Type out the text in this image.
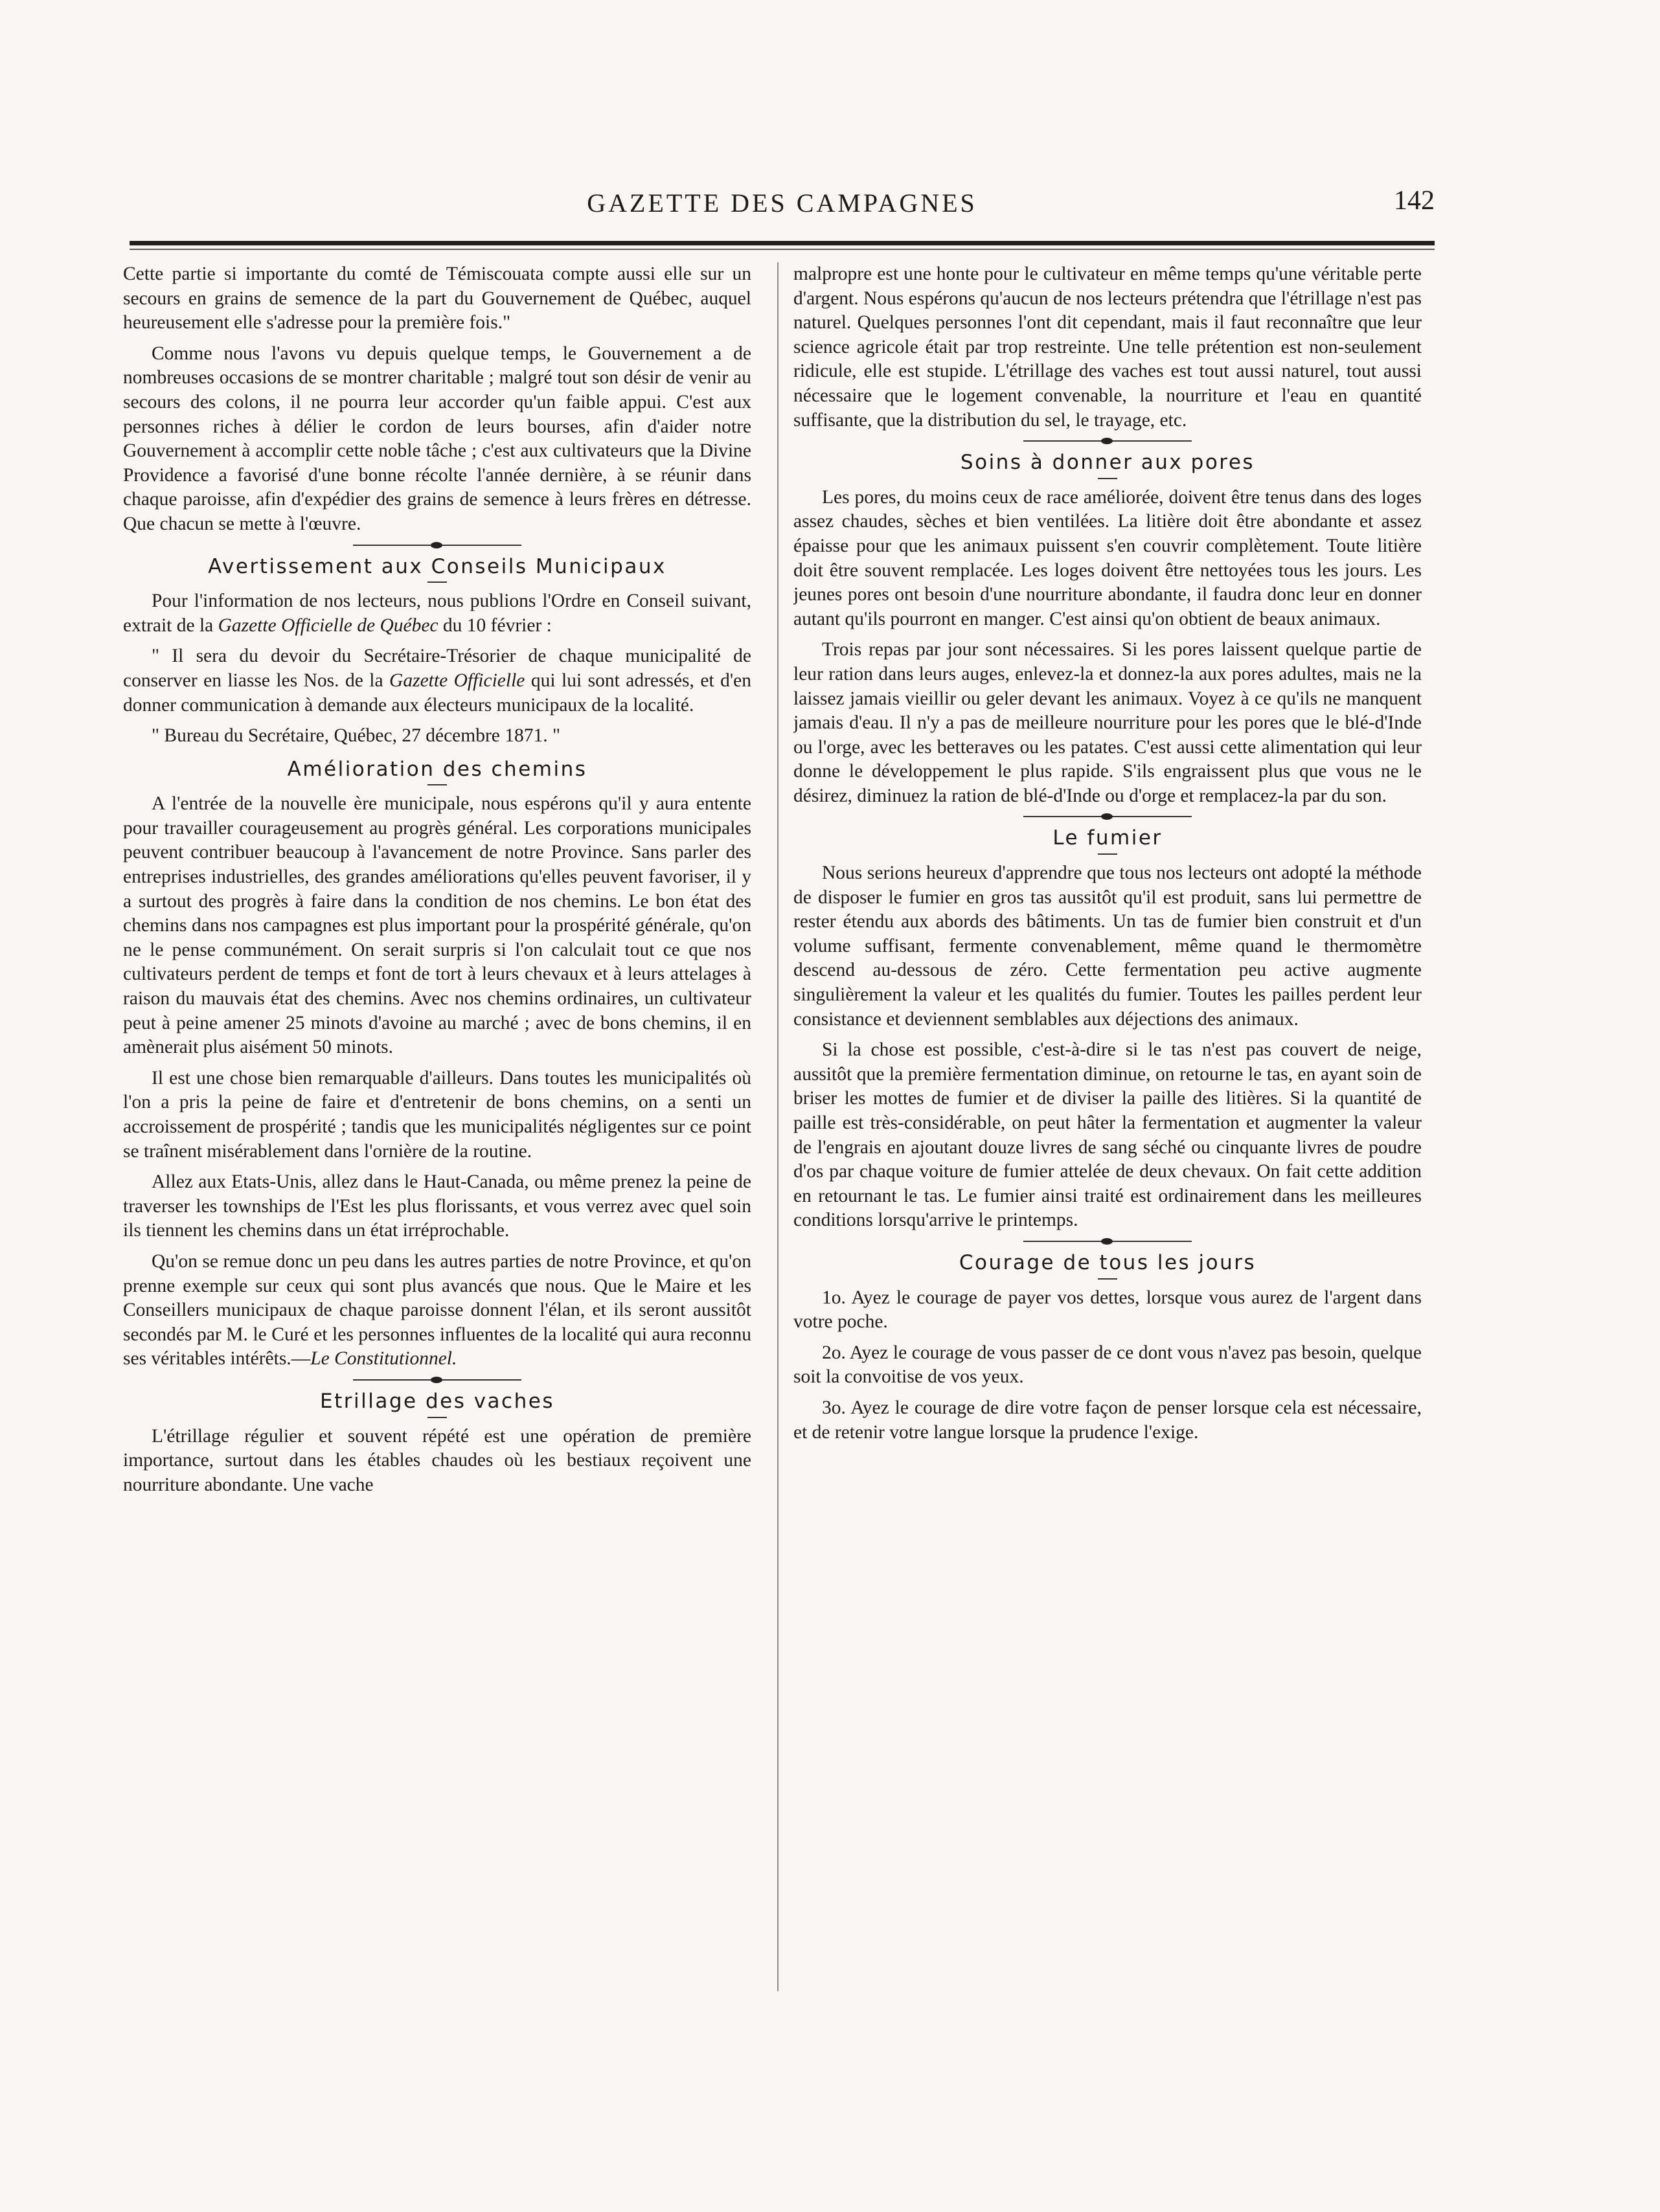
GAZETTE DES CAMPAGNES	142

Cette partie si importante du comté de Témiscouata compte aussi elle sur un secours en grains de semence de la part du Gouvernement de Québec, auquel heureusement elle s'adresse pour la première fois."

Comme nous l'avons vu depuis quelque temps, le Gouvernement a de nombreuses occasions de se montrer charitable ; malgré tout son désir de venir au secours des colons, il ne pourra leur accorder qu'un faible appui. C'est aux personnes riches à délier le cordon de leurs bourses, afin d'aider notre Gouvernement à accomplir cette noble tâche ; c'est aux cultivateurs que la Divine Providence a favorisé d'une bonne récolte l'année dernière, à se réunir dans chaque paroisse, afin d'expédier des grains de semence à leurs frères en détresse. Que chacun se mette à l'œuvre.

Avertissement aux Conseils Municipaux

Pour l'information de nos lecteurs, nous publions l'Ordre en Conseil suivant, extrait de la Gazette Officielle de Québec du 10 février :

" Il sera du devoir du Secrétaire-Trésorier de chaque municipalité de conserver en liasse les Nos. de la Gazette Officielle qui lui sont adressés, et d'en donner communication à demande aux électeurs municipaux de la localité.

" Bureau du Secrétaire, Québec, 27 décembre 1871. "

Amélioration des chemins

A l'entrée de la nouvelle ère municipale, nous espérons qu'il y aura entente pour travailler courageusement au progrès général. Les corporations municipales peuvent contribuer beaucoup à l'avancement de notre Province. Sans parler des entreprises industrielles, des grandes améliorations qu'elles peuvent favoriser, il y a surtout des progrès à faire dans la condition de nos chemins. Le bon état des chemins dans nos campagnes est plus important pour la prospérité générale, qu'on ne le pense communément. On serait surpris si l'on calculait tout ce que nos cultivateurs perdent de temps et font de tort à leurs chevaux et à leurs attelages à raison du mauvais état des chemins. Avec nos chemins ordinaires, un cultivateur peut à peine amener 25 minots d'avoine au marché ; avec de bons chemins, il en amènerait plus aisément 50 minots.

Il est une chose bien remarquable d'ailleurs. Dans toutes les municipalités où l'on a pris la peine de faire et d'entretenir de bons chemins, on a senti un accroissement de prospérité ; tandis que les municipalités négligentes sur ce point se traînent misérablement dans l'ornière de la routine.

Allez aux Etats-Unis, allez dans le Haut-Canada, ou même prenez la peine de traverser les townships de l'Est les plus florissants, et vous verrez avec quel soin ils tiennent les chemins dans un état irréprochable.

Qu'on se remue donc un peu dans les autres parties de notre Province, et qu'on prenne exemple sur ceux qui sont plus avancés que nous. Que le Maire et les Conseillers municipaux de chaque paroisse donnent l'élan, et ils seront aussitôt secondés par M. le Curé et les personnes influentes de la localité qui aura reconnu ses véritables intérêts.—Le Constitutionnel.

Etrillage des vaches

L'étrillage régulier et souvent répété est une opération de première importance, surtout dans les étables chaudes où les bestiaux reçoivent une nourriture abondante. Une vache

malpropre est une honte pour le cultivateur en même temps qu'une véritable perte d'argent. Nous espérons qu'aucun de nos lecteurs prétendra que l'étrillage n'est pas naturel. Quelques personnes l'ont dit cependant, mais il faut reconnaître que leur science agricole était par trop restreinte. Une telle prétention est non-seulement ridicule, elle est stupide. L'étrillage des vaches est tout aussi naturel, tout aussi nécessaire que le logement convenable, la nourriture et l'eau en quantité suffisante, que la distribution du sel, le trayage, etc.

Soins à donner aux pores

Les pores, du moins ceux de race améliorée, doivent être tenus dans des loges assez chaudes, sèches et bien ventilées. La litière doit être abondante et assez épaisse pour que les animaux puissent s'en couvrir complètement. Toute litière doit être souvent remplacée. Les loges doivent être nettoyées tous les jours. Les jeunes pores ont besoin d'une nourriture abondante, il faudra donc leur en donner autant qu'ils pourront en manger. C'est ainsi qu'on obtient de beaux animaux.

Trois repas par jour sont nécessaires. Si les pores laissent quelque partie de leur ration dans leurs auges, enlevez-la et donnez-la aux pores adultes, mais ne la laissez jamais vieillir ou geler devant les animaux. Voyez à ce qu'ils ne manquent jamais d'eau. Il n'y a pas de meilleure nourriture pour les pores que le blé-d'Inde ou l'orge, avec les betteraves ou les patates. C'est aussi cette alimentation qui leur donne le développement le plus rapide. S'ils engraissent plus que vous ne le désirez, diminuez la ration de blé-d'Inde ou d'orge et remplacez-la par du son.

Le fumier

Nous serions heureux d'apprendre que tous nos lecteurs ont adopté la méthode de disposer le fumier en gros tas aussitôt qu'il est produit, sans lui permettre de rester étendu aux abords des bâtiments. Un tas de fumier bien construit et d'un volume suffisant, fermente convenablement, même quand le thermomètre descend au-dessous de zéro. Cette fermentation peu active augmente singulièrement la valeur et les qualités du fumier. Toutes les pailles perdent leur consistance et deviennent semblables aux déjections des animaux.

Si la chose est possible, c'est-à-dire si le tas n'est pas couvert de neige, aussitôt que la première fermentation diminue, on retourne le tas, en ayant soin de briser les mottes de fumier et de diviser la paille des litières. Si la quantité de paille est très-considérable, on peut hâter la fermentation et augmenter la valeur de l'engrais en ajoutant douze livres de sang séché ou cinquante livres de poudre d'os par chaque voiture de fumier attelée de deux chevaux. On fait cette addition en retournant le tas. Le fumier ainsi traité est ordinairement dans les meilleures conditions lorsqu'arrive le printemps.

Courage de tous les jours

1o. Ayez le courage de payer vos dettes, lorsque vous aurez de l'argent dans votre poche.

2o. Ayez le courage de vous passer de ce dont vous n'avez pas besoin, quelque soit la convoitise de vos yeux.

3o. Ayez le courage de dire votre façon de penser lorsque cela est nécessaire, et de retenir votre langue lorsque la prudence l'exige.
